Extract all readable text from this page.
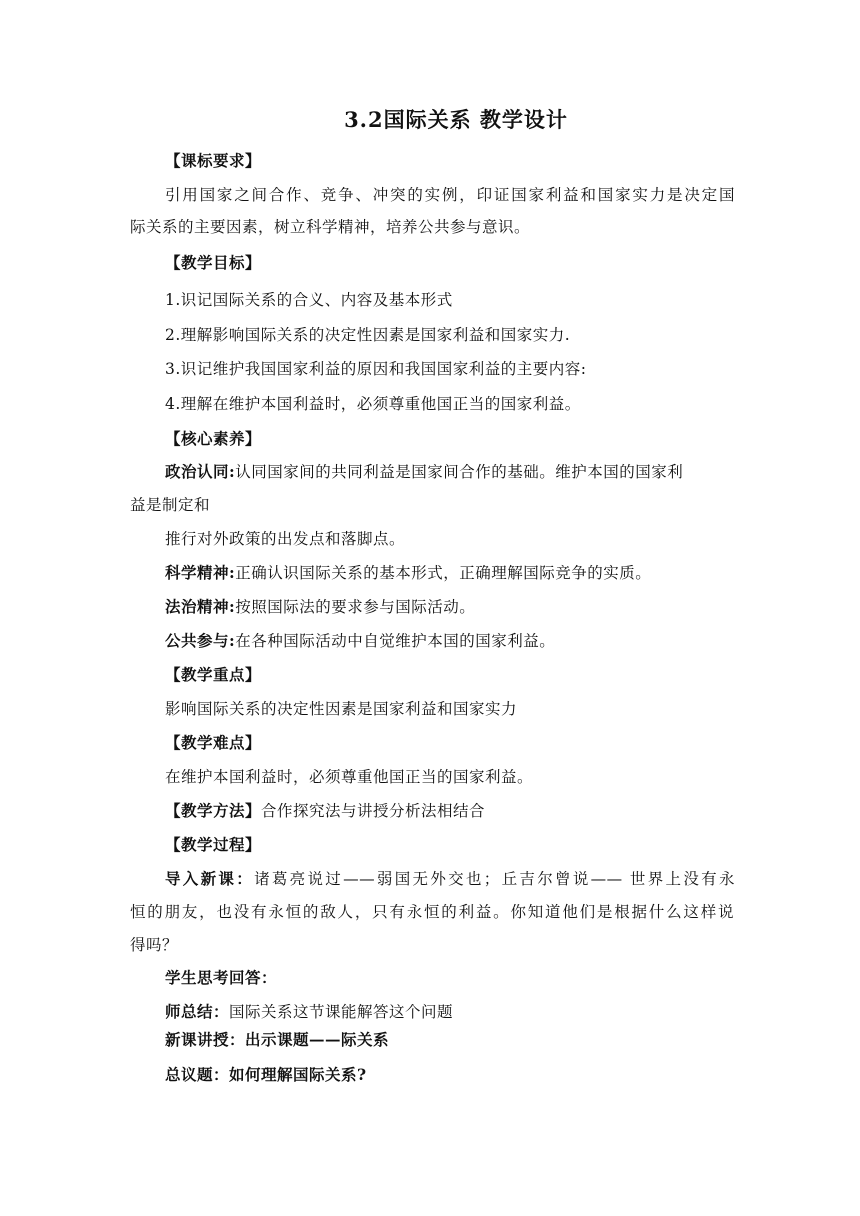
3.2国际关系 教学设计
【课标要求】
引用国家之间合作、竞争、冲突的实例，印证国家利益和国家实力是决定国
际关系的主要因素，树立科学精神，培养公共参与意识。
【教学目标】
1.识记国际关系的合义、内容及基本形式
2.理解影响国际关系的决定性因素是国家利益和国家实力.
3.识记维护我国国家利益的原因和我国国家利益的主要内容:
4.理解在维护本国利益时，必须尊重他国正当的国家利益。
【核心素养】
政治认同:认同国家间的共同利益是国家间合作的基础。维护本国的国家利
益是制定和
推行对外政策的出发点和落脚点。
科学精神:正确认识国际关系的基本形式，正确理解国际竞争的实质。
法治精神:按照国际法的要求参与国际活动。
公共参与:在各种国际活动中自觉维护本国的国家利益。
【教学重点】
影响国际关系的决定性因素是国家利益和国家实力
【教学难点】
在维护本国利益时，必须尊重他国正当的国家利益。
【教学方法】合作探究法与讲授分析法相结合
【教学过程】
导入新课：诸葛亮说过——弱国无外交也；丘吉尔曾说—— 世界上没有永
恒的朋友，也没有永恒的敌人，只有永恒的利益。你知道他们是根据什么这样说
得吗？
学生思考回答：
师总结：国际关系这节课能解答这个问题
新课讲授：出示课题——际关系
总议题：如何理解国际关系?
